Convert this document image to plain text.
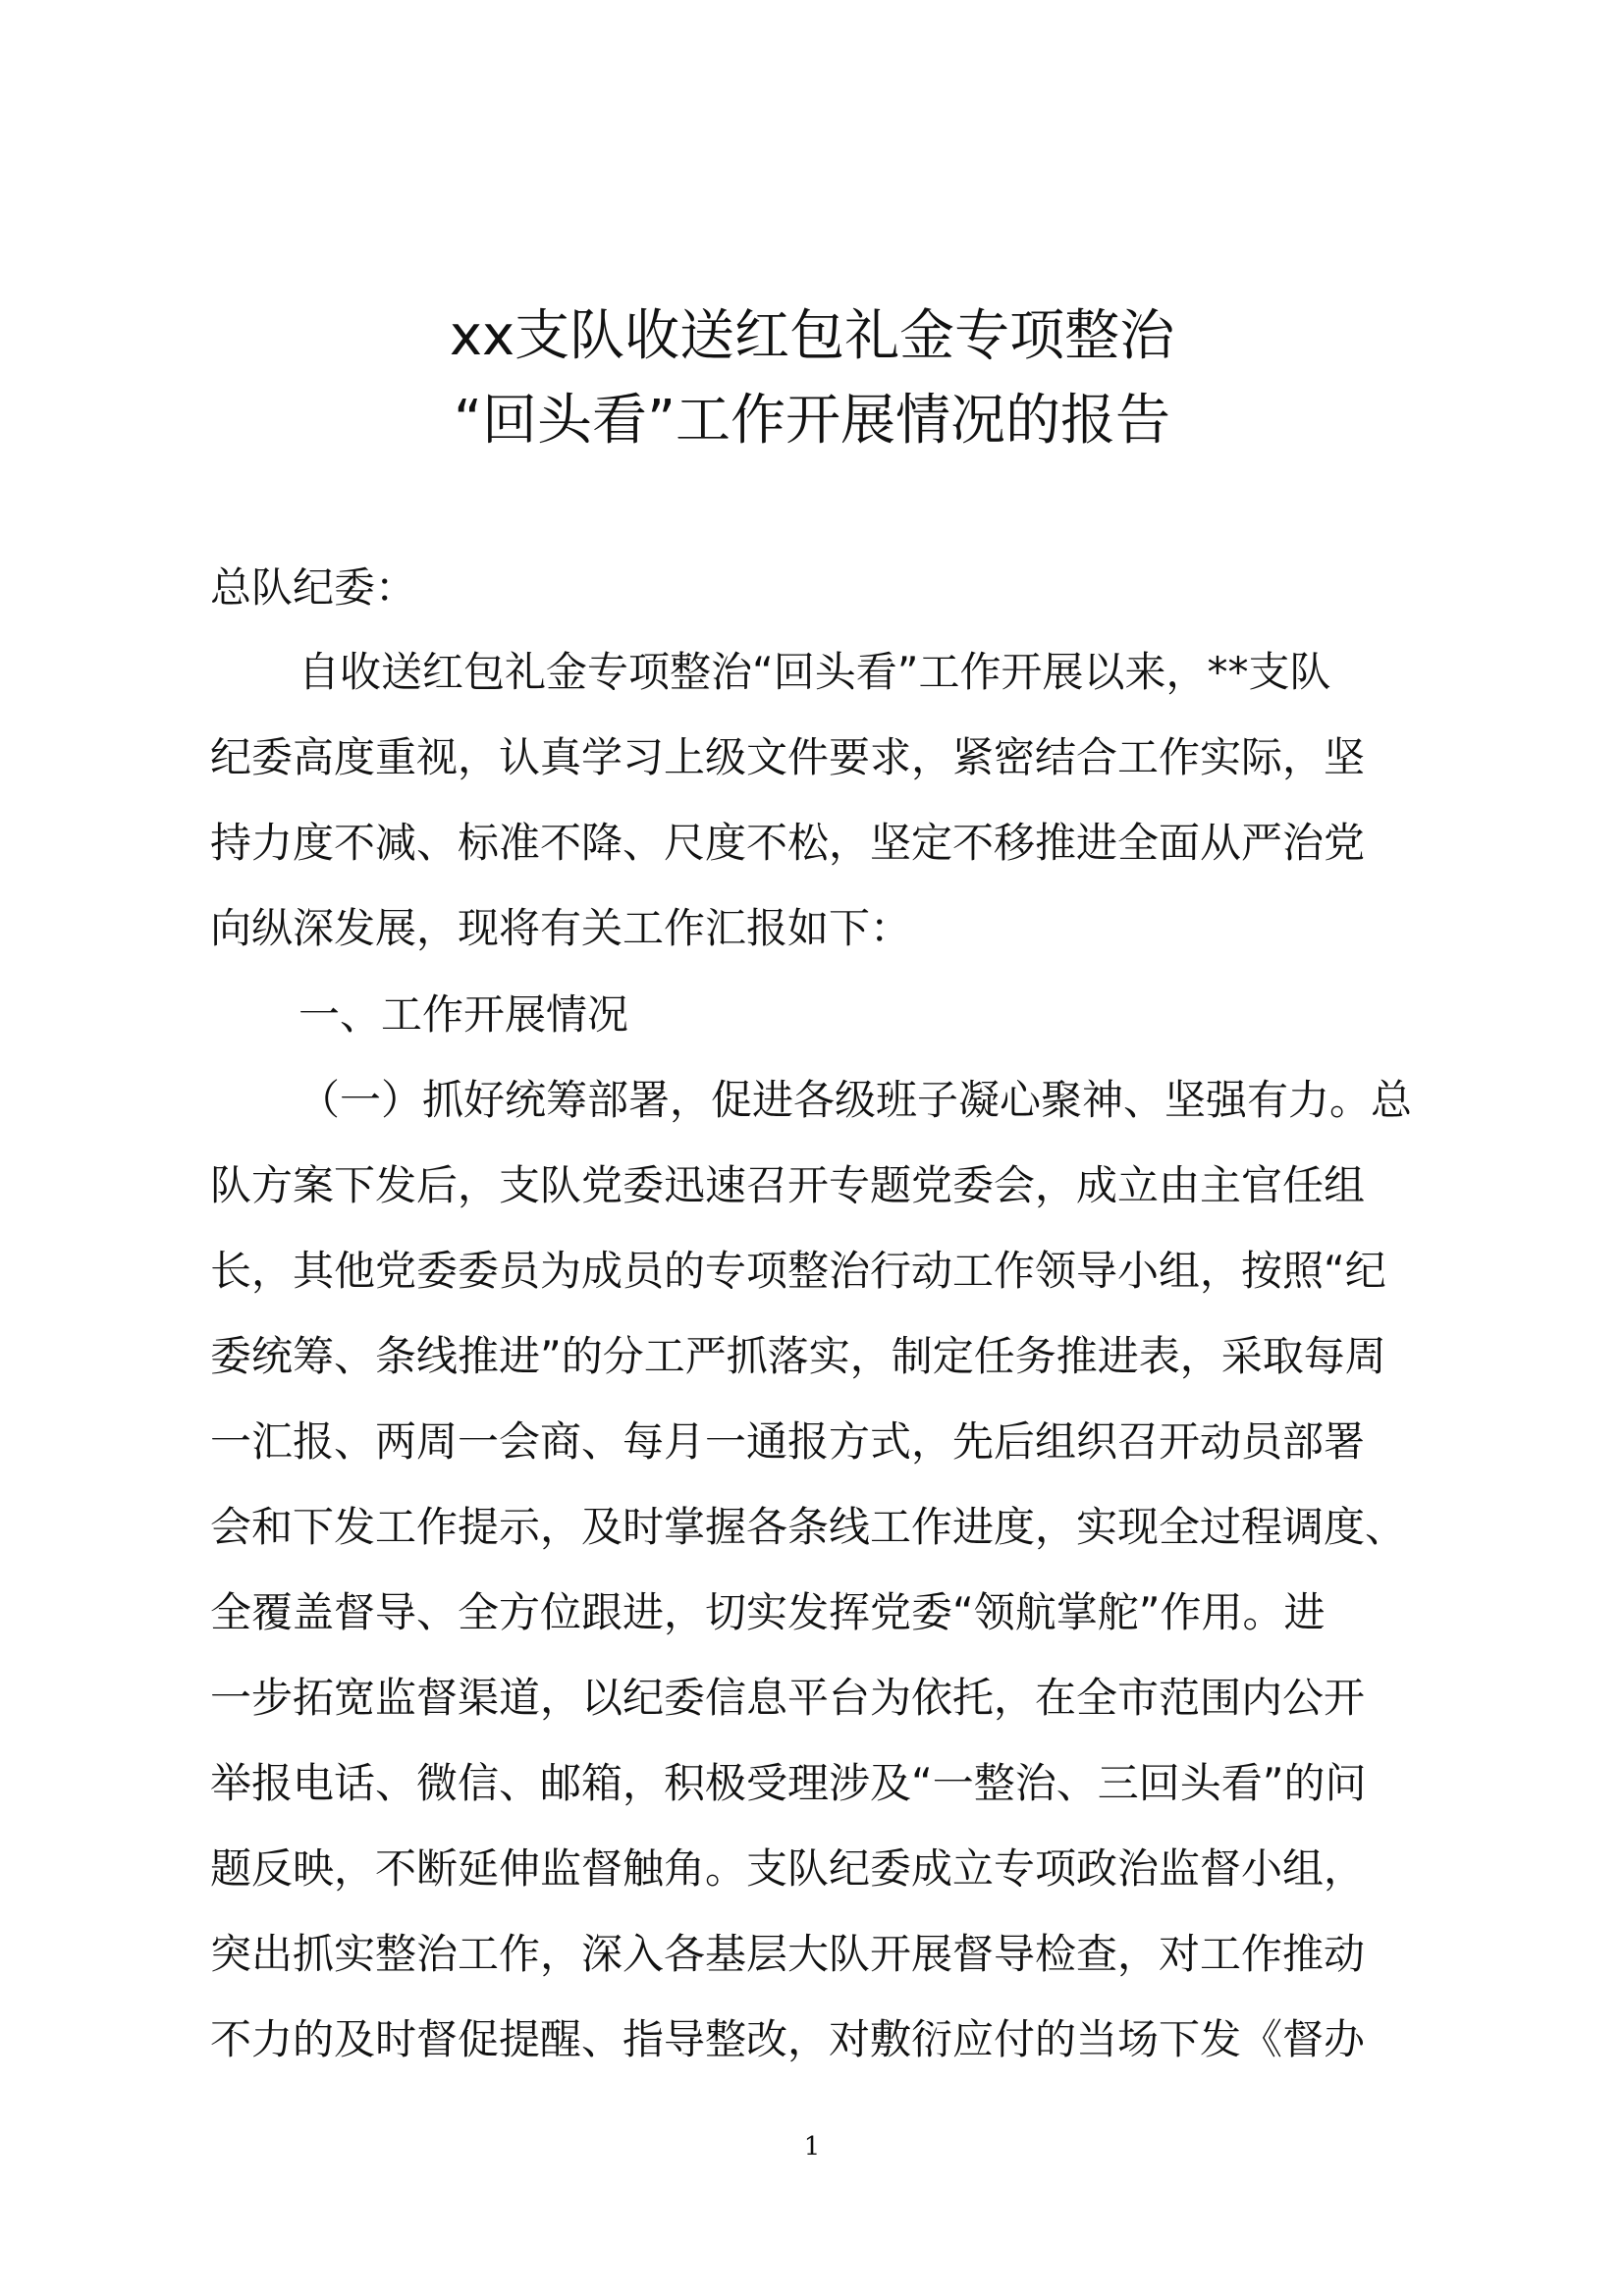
xx支队收送红包礼金专项整治
“回头看”工作开展情况的报告
总队纪委：
自收送红包礼金专项整治“回头看”工作开展以来，**支队
纪委高度重视，认真学习上级文件要求，紧密结合工作实际，坚
持力度不减、标准不降、尺度不松，坚定不移推进全面从严治党
向纵深发展，现将有关工作汇报如下：
一、工作开展情况
（一）抓好统筹部署，促进各级班子凝心聚神、坚强有力。总
队方案下发后，支队党委迅速召开专题党委会，成立由主官任组
长，其他党委委员为成员的专项整治行动工作领导小组，按照“纪
委统筹、条线推进”的分工严抓落实，制定任务推进表，采取每周
一汇报、两周一会商、每月一通报方式，先后组织召开动员部署
会和下发工作提示，及时掌握各条线工作进度，实现全过程调度、
全覆盖督导、全方位跟进，切实发挥党委“领航掌舵”作用。进
一步拓宽监督渠道，以纪委信息平台为依托，在全市范围内公开
举报电话、微信、邮箱，积极受理涉及“一整治、三回头看”的问
题反映，不断延伸监督触角。支队纪委成立专项政治监督小组，
突出抓实整治工作，深入各基层大队开展督导检查，对工作推动
不力的及时督促提醒、指导整改，对敷衍应付的当场下发《督办
1
